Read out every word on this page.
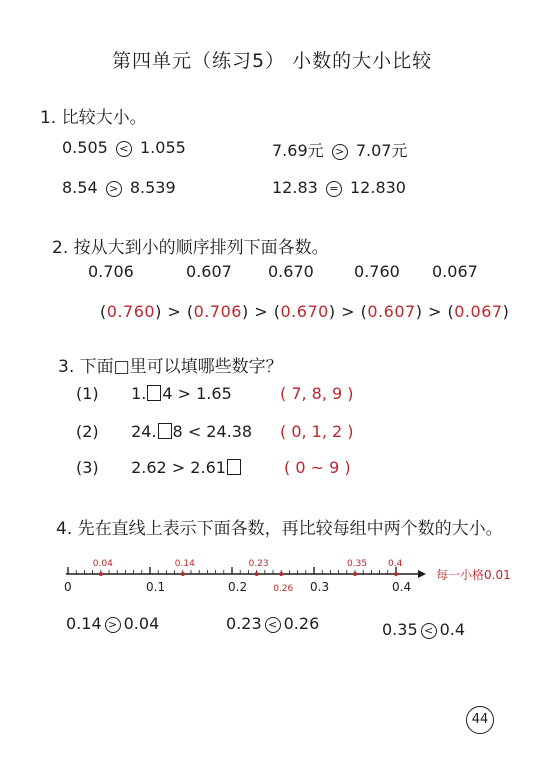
第四单元（练习5） 小数的大小比较
1. 比较大小。
0.505 < 1.055	7.69元 > 7.07元
8.54 > 8.539	12.83 = 12.830
2. 按从大到小的顺序排列下面各数。
0.706	0.607 0.670	0.760 0.067
(0.760) > (0.706) > (0.670) > (0.607) > (0.067)
3. 下面□里可以填哪些数字？
(1) 1. 4 > 1.65	( 7, 8, 9 )
(2) 24. 8 < 24.38 ( 0, 1, 2 )
(3) 2.62 > 2.61	( 0 ~ 9 )
4. 先在直线上表示下面各数，再比较每组中两个数的大小。
0.04	0.14	0.23
0.26
0.35 0.4
0	0.1	0.2	0.3	0.4
每一小格0.01
0.14 > 0.04	0.23 < 0.26	0.35 < 0.4
44
